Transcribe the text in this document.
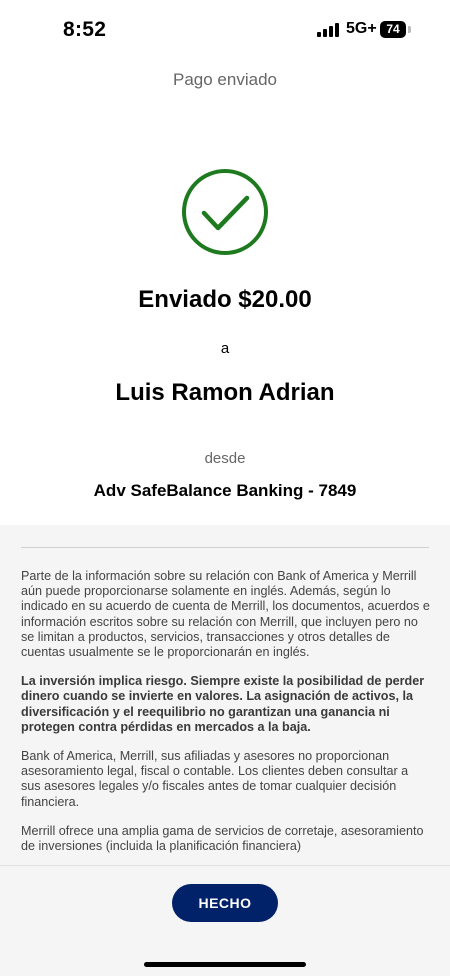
8:52	5G+ 74
Pago enviado
Enviado $20.00
a
Luis Ramon Adrian
desde
Adv SafeBalance Banking - 7849

Parte de la información sobre su relación con Bank of America y Merrill aún puede proporcionarse solamente en inglés. Además, según lo indicado en su acuerdo de cuenta de Merrill, los documentos, acuerdos e información escritos sobre su relación con Merrill, que incluyen pero no se limitan a productos, servicios, transacciones y otros detalles de cuentas usualmente se le proporcionarán en inglés.

La inversión implica riesgo. Siempre existe la posibilidad de perder dinero cuando se invierte en valores. La asignación de activos, la diversificación y el reequilibrio no garantizan una ganancia ni protegen contra pérdidas en mercados a la baja.

Bank of America, Merrill, sus afiliadas y asesores no proporcionan asesoramiento legal, fiscal o contable. Los clientes deben consultar a sus asesores legales y/o fiscales antes de tomar cualquier decisión financiera.

Merrill ofrece una amplia gama de servicios de corretaje, asesoramiento de inversiones (incluida la planificación financiera)

HECHO
